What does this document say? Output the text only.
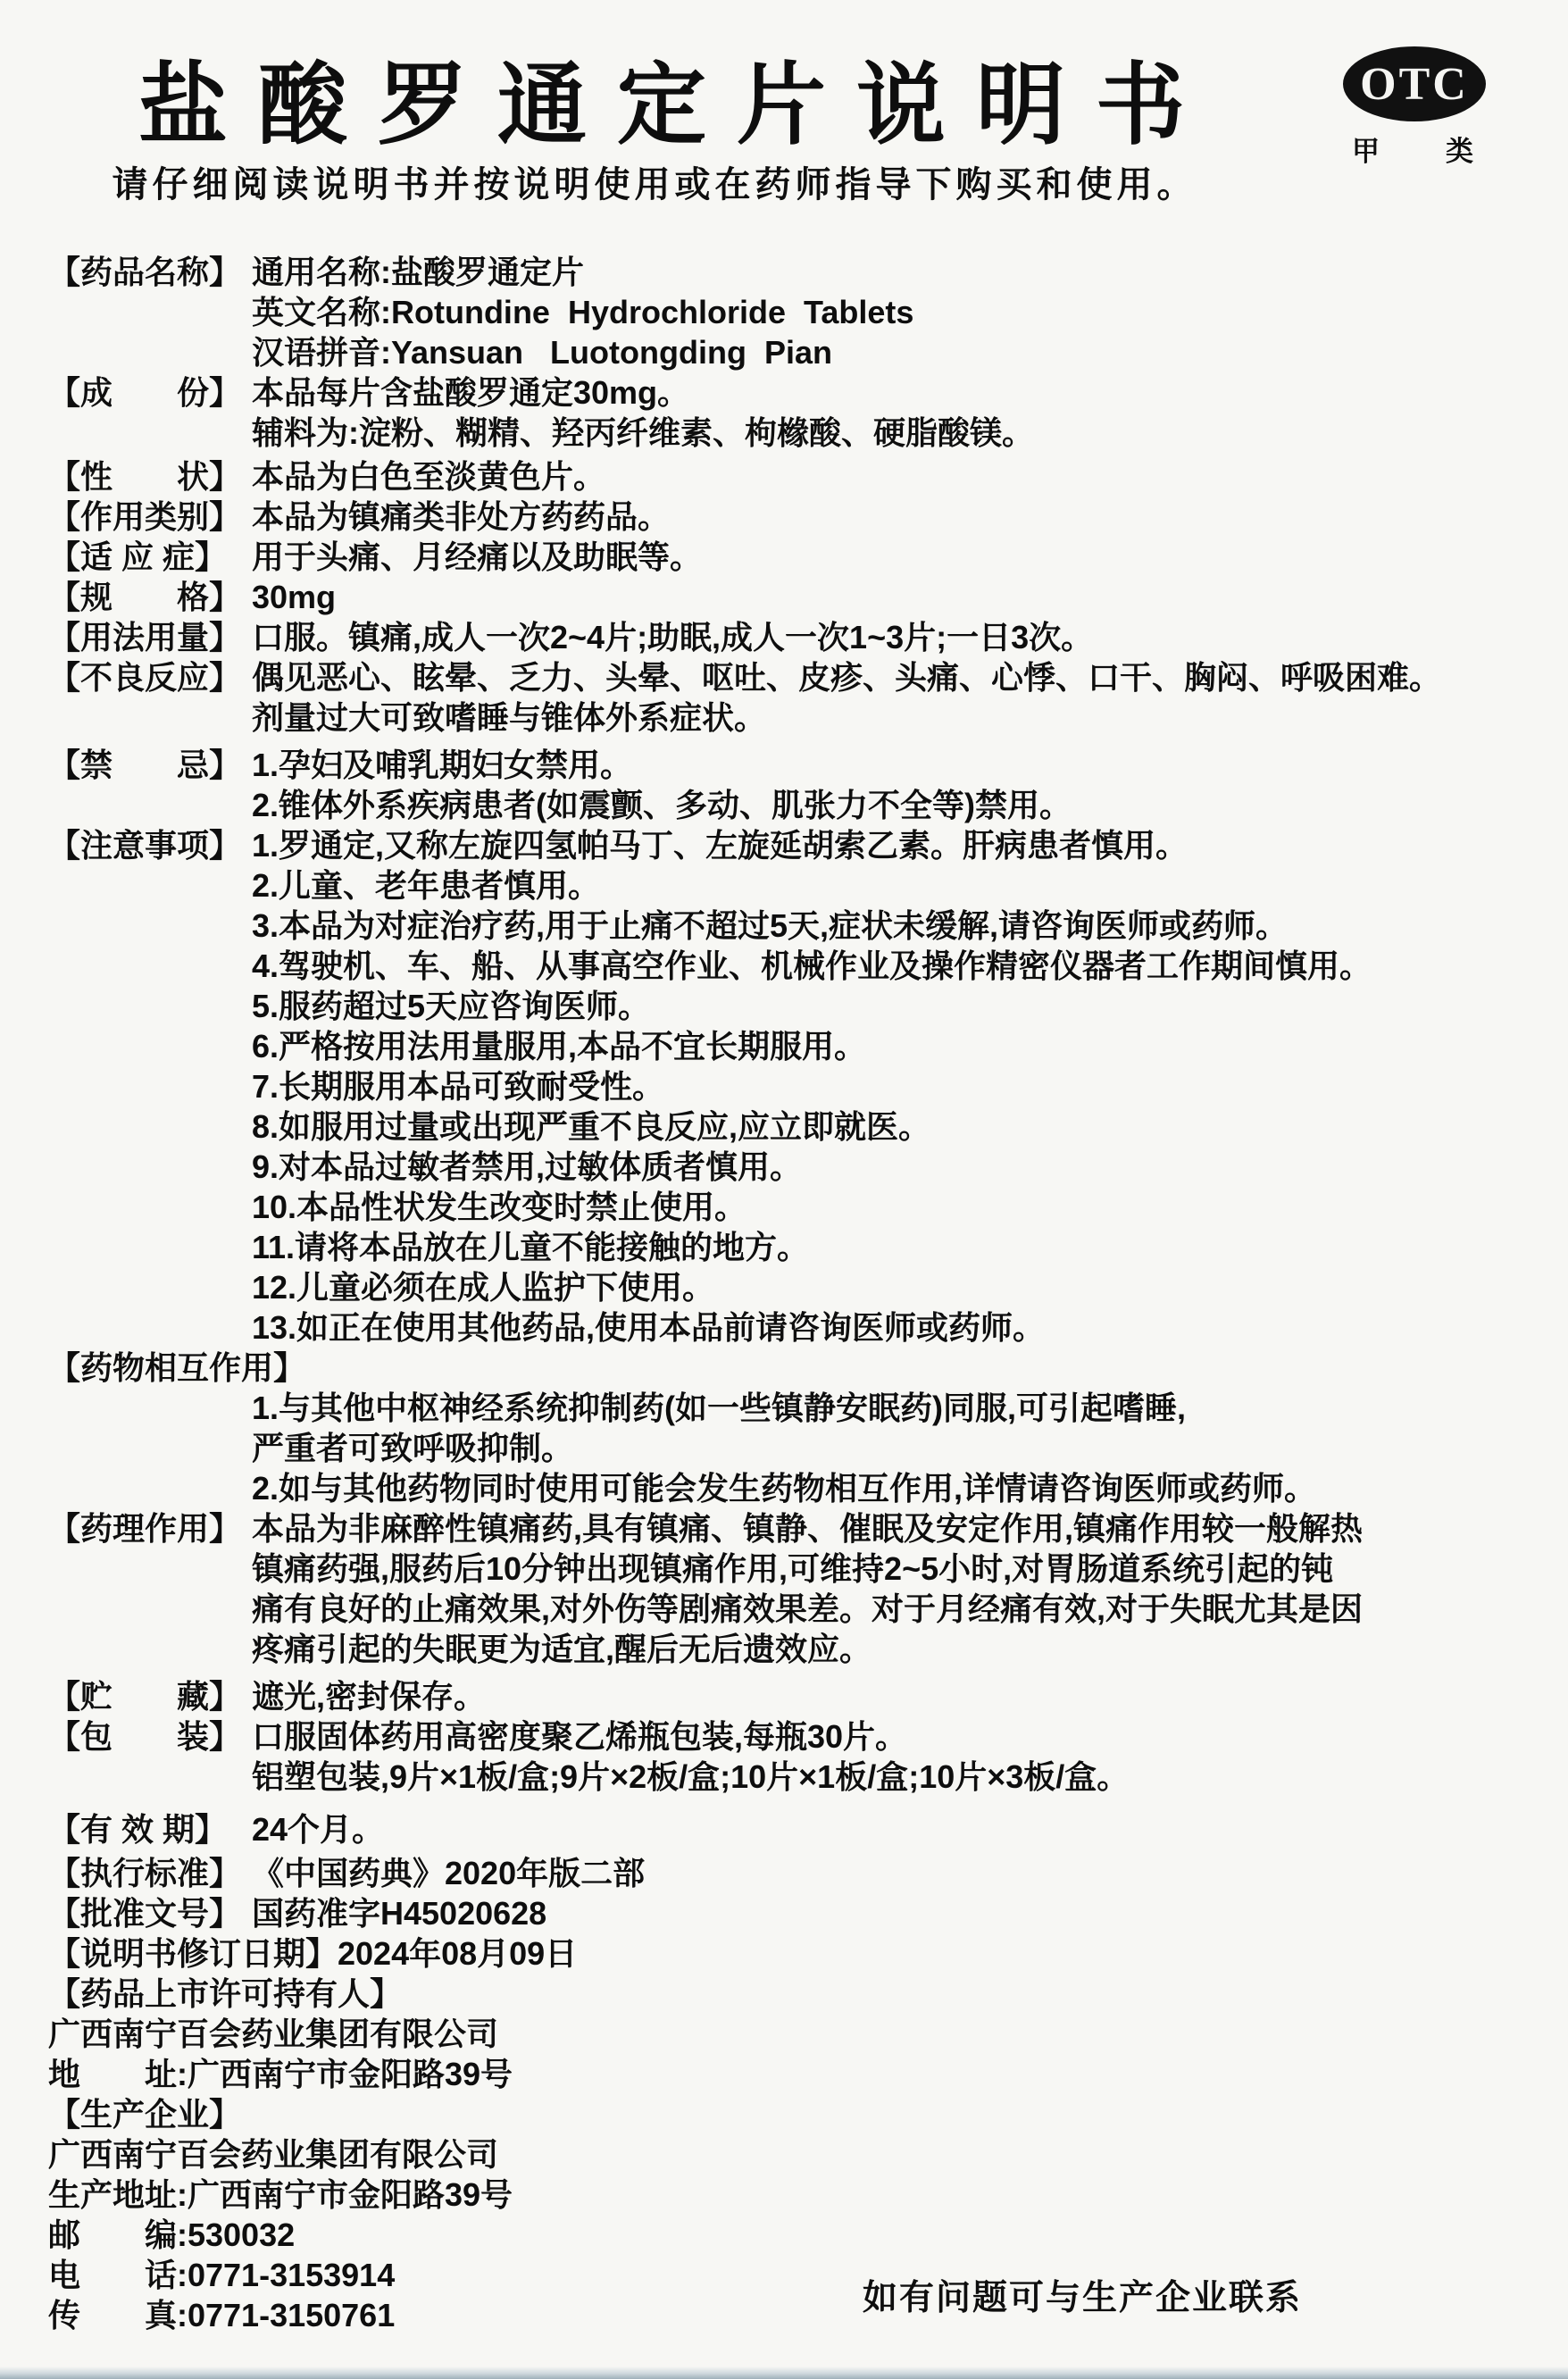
OTC
甲 类
盐酸罗通定片说明书

请仔细阅读说明书并按说明使用或在药师指导下购买和使用。

【药品名称】 通用名称:盐酸罗通定片
英文名称:Rotundine  Hydrochloride  Tablets
汉语拼音:Yansuan   Luotongding  Pian
【成　　份】 本品每片含盐酸罗通定30mg。
辅料为:淀粉、糊精、羟丙纤维素、枸橼酸、硬脂酸镁。
【性　　状】 本品为白色至淡黄色片。
【作用类别】 本品为镇痛类非处方药药品。
【适 应 症】 用于头痛、月经痛以及助眠等。
【规　　格】 30mg
【用法用量】 口服。镇痛,成人一次2~4片;助眠,成人一次1~3片;一日3次。
【不良反应】 偶见恶心、眩晕、乏力、头晕、呕吐、皮疹、头痛、心悸、口干、胸闷、呼吸困难。
剂量过大可致嗜睡与锥体外系症状。
【禁　　忌】 1.孕妇及哺乳期妇女禁用。
2.锥体外系疾病患者(如震颤、多动、肌张力不全等)禁用。
【注意事项】 1.罗通定,又称左旋四氢帕马丁、左旋延胡索乙素。肝病患者慎用。
2.儿童、老年患者慎用。
3.本品为对症治疗药,用于止痛不超过5天,症状未缓解,请咨询医师或药师。
4.驾驶机、车、船、从事高空作业、机械作业及操作精密仪器者工作期间慎用。
5.服药超过5天应咨询医师。
6.严格按用法用量服用,本品不宜长期服用。
7.长期服用本品可致耐受性。
8.如服用过量或出现严重不良反应,应立即就医。
9.对本品过敏者禁用,过敏体质者慎用。
10.本品性状发生改变时禁止使用。
11.请将本品放在儿童不能接触的地方。
12.儿童必须在成人监护下使用。
13.如正在使用其他药品,使用本品前请咨询医师或药师。
【药物相互作用】
1.与其他中枢神经系统抑制药(如一些镇静安眠药)同服,可引起嗜睡,
严重者可致呼吸抑制。
2.如与其他药物同时使用可能会发生药物相互作用,详情请咨询医师或药师。
【药理作用】 本品为非麻醉性镇痛药,具有镇痛、镇静、催眠及安定作用,镇痛作用较一般解热
镇痛药强,服药后10分钟出现镇痛作用,可维持2~5小时,对胃肠道系统引起的钝
痛有良好的止痛效果,对外伤等剧痛效果差。对于月经痛有效,对于失眠尤其是因
疼痛引起的失眠更为适宜,醒后无后遗效应。
【贮　　藏】 遮光,密封保存。
【包　　装】 口服固体药用高密度聚乙烯瓶包装,每瓶30片。
铝塑包装,9片×1板/盒;9片×2板/盒;10片×1板/盒;10片×3板/盒。
【有 效 期】 24个月。
【执行标准】 《中国药典》2020年版二部
【批准文号】 国药准字H45020628
【说明书修订日期】 2024年08月09日
【药品上市许可持有人】
广西南宁百会药业集团有限公司
地　　址:广西南宁市金阳路39号
【生产企业】
广西南宁百会药业集团有限公司
生产地址:广西南宁市金阳路39号
邮　　编:530032
电　　话:0771-3153914
传　　真:0771-3150761	如有问题可与生产企业联系
